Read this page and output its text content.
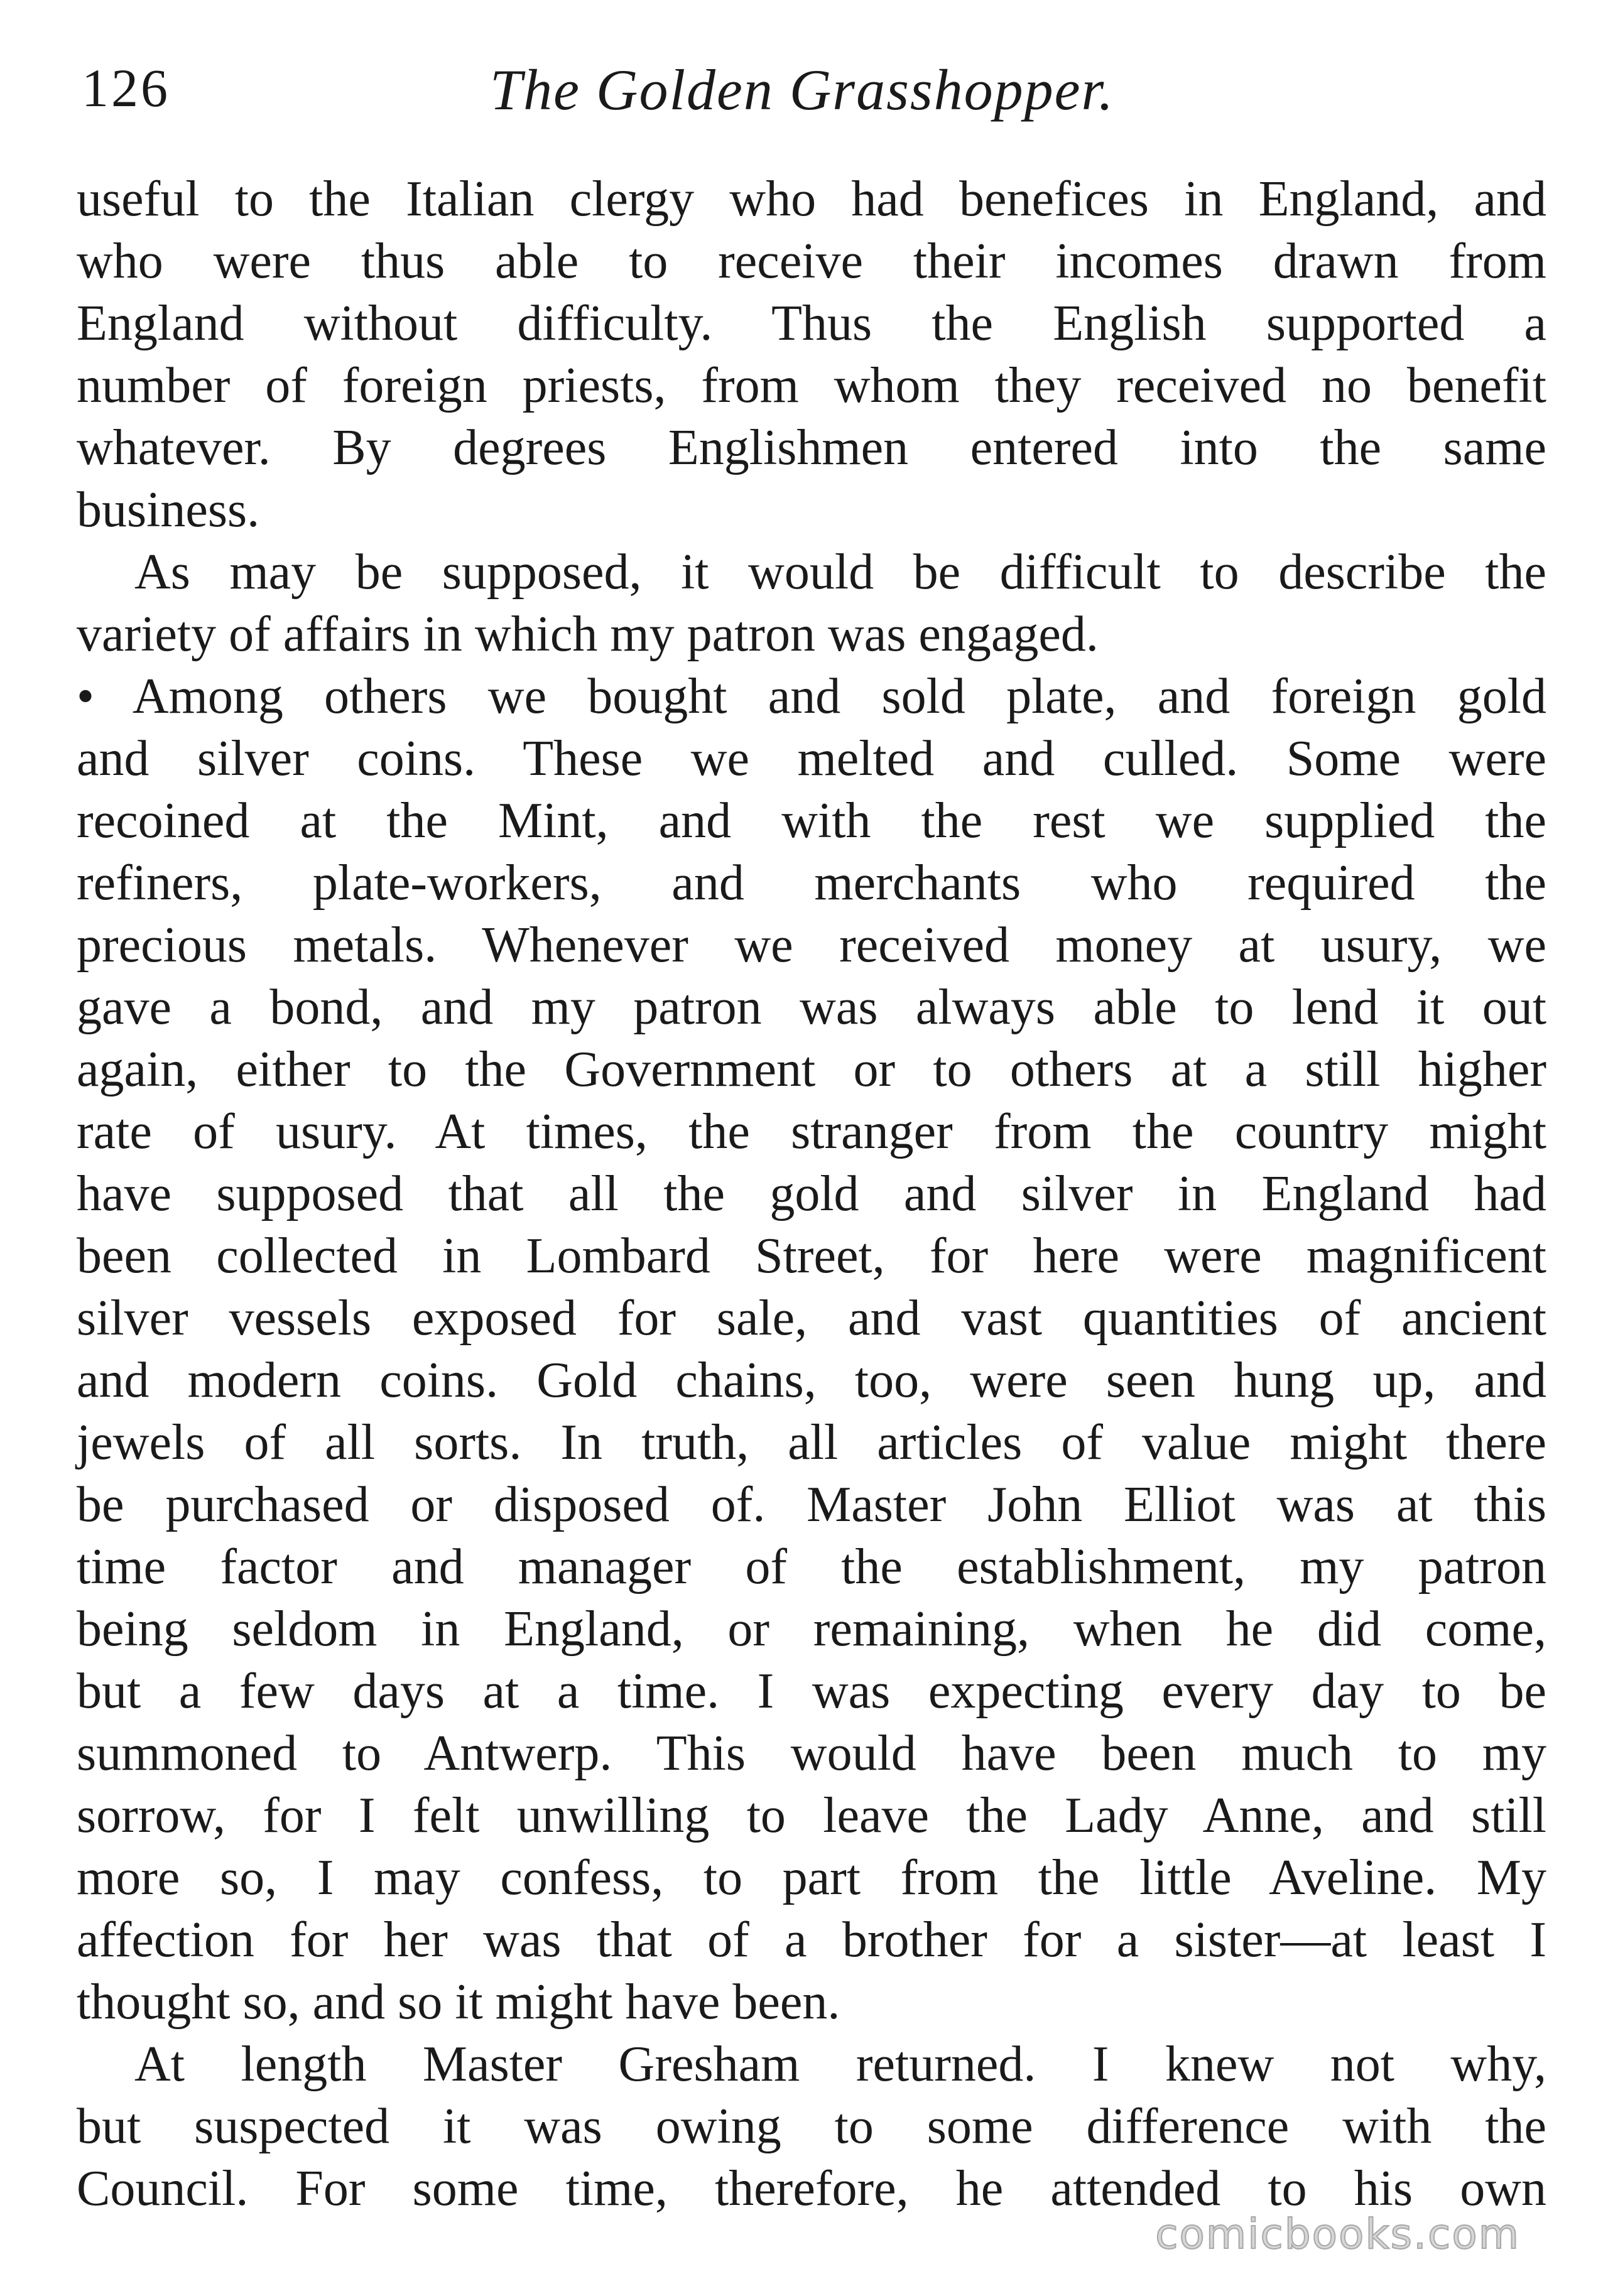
126	The Golden Grasshopper.
useful to the Italian clergy who had benefices in England, and
who were thus able to receive their incomes drawn from
England without difficulty. Thus the English supported a
number of foreign priests, from whom they received no benefit
whatever. By degrees Englishmen entered into the same
business.
As may be supposed, it would be difficult to describe the
variety of affairs in which my patron was engaged.
• Among others we bought and sold plate, and foreign gold
and silver coins. These we melted and culled. Some were
recoined at the Mint, and with the rest we supplied the
refiners, plate-workers, and merchants who required the
precious metals. Whenever we received money at usury, we
gave a bond, and my patron was always able to lend it out
again, either to the Government or to others at a still higher
rate of usury. At times, the stranger from the country might
have supposed that all the gold and silver in England had
been collected in Lombard Street, for here were magnificent
silver vessels exposed for sale, and vast quantities of ancient
and modern coins. Gold chains, too, were seen hung up, and
jewels of all sorts. In truth, all articles of value might there
be purchased or disposed of. Master John Elliot was at this
time factor and manager of the establishment, my patron
being seldom in England, or remaining, when he did come,
but a few days at a time. I was expecting every day to be
summoned to Antwerp. This would have been much to my
sorrow, for I felt unwilling to leave the Lady Anne, and still
more so, I may confess, to part from the little Aveline. My
affection for her was that of a brother for a sister—at least I
thought so, and so it might have been.
At length Master Gresham returned. I knew not why,
but suspected it was owing to some difference with the
Council. For some time, therefore, he attended to his own
comicbooks.com
